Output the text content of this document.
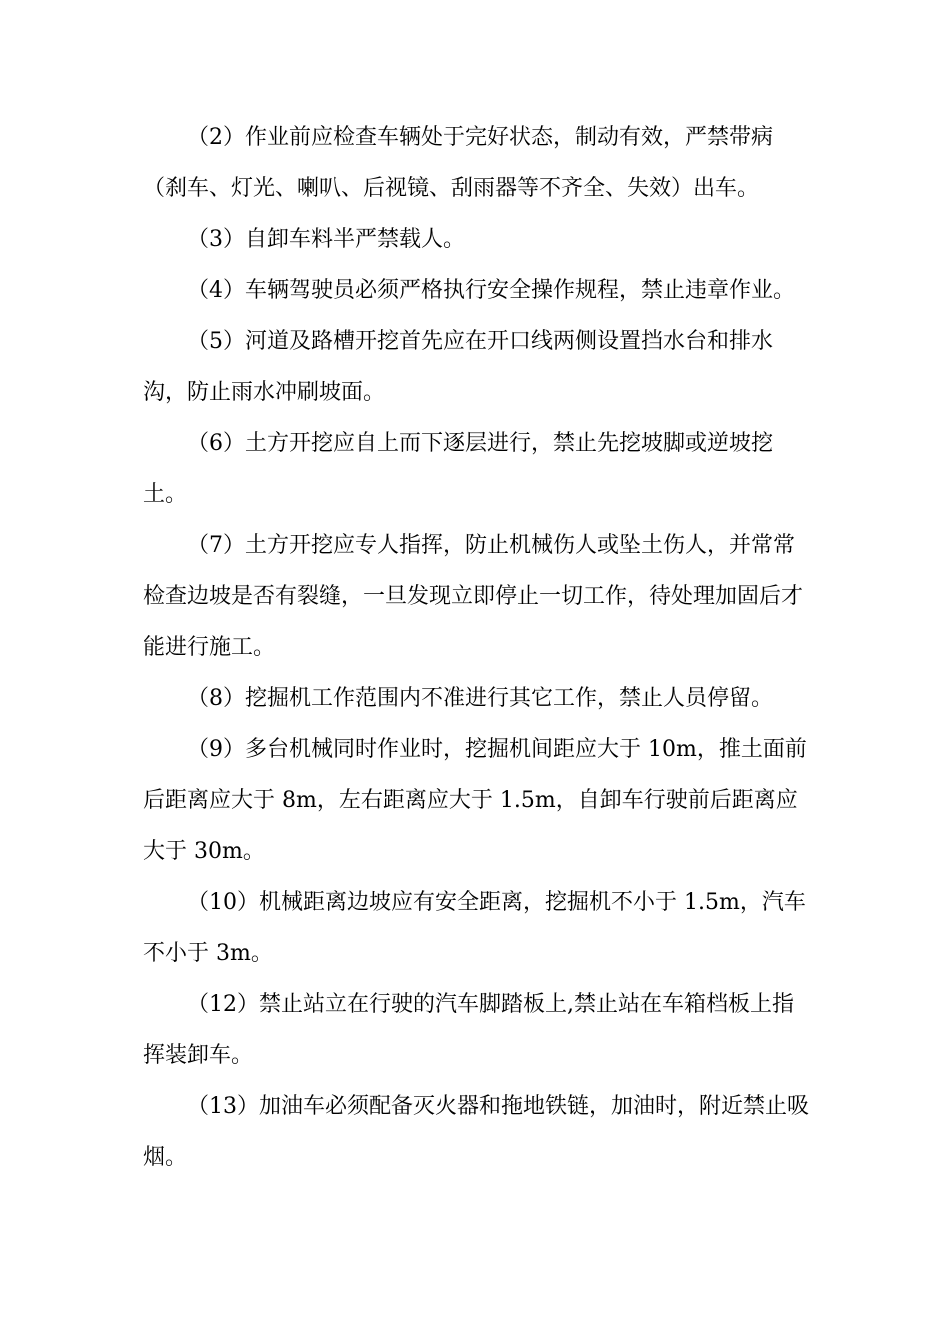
（2）作业前应检查车辆处于完好状态，制动有效，严禁带病（刹车、灯光、喇叭、后视镜、刮雨器等不齐全、失效）出车。

（3）自卸车料半严禁载人。

（4）车辆驾驶员必须严格执行安全操作规程，禁止违章作业。

（5）河道及路槽开挖首先应在开口线两侧设置挡水台和排水沟，防止雨水冲刷坡面。

（6）土方开挖应自上而下逐层进行，禁止先挖坡脚或逆坡挖土。

（7）土方开挖应专人指挥，防止机械伤人或坠土伤人，并常常检查边坡是否有裂缝，一旦发现立即停止一切工作，待处理加固后才能进行施工。

（8）挖掘机工作范围内不准进行其它工作，禁止人员停留。

（9）多台机械同时作业时，挖掘机间距应大于 10m，推土面前后距离应大于 8m，左右距离应大于 1.5m，自卸车行驶前后距离应大于 30m。

（10）机械距离边坡应有安全距离，挖掘机不小于 1.5m，汽车不小于 3m。

（12）禁止站立在行驶的汽车脚踏板上,禁止站在车箱档板上指挥装卸车。

（13）加油车必须配备灭火器和拖地铁链，加油时，附近禁止吸烟。
